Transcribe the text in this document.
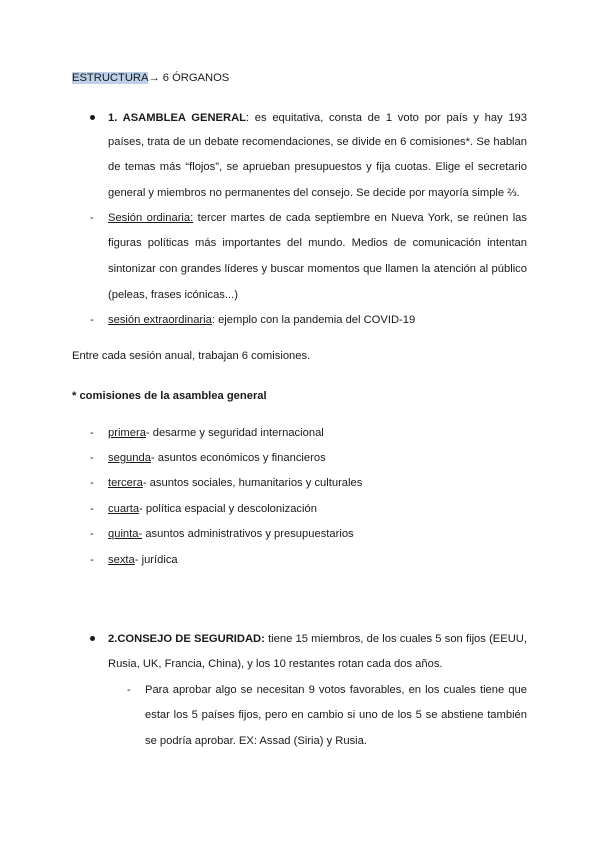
ESTRUCTURA→ 6 ÓRGANOS
1. ASAMBLEA GENERAL: es equitativa, consta de 1 voto por país y hay 193
países, trata de un debate recomendaciones, se divide en 6 comisiones*. Se hablan
de temas más “flojos”, se aprueban presupuestos y fija cuotas. Elige el secretario
general y miembros no permanentes del consejo. Se decide por mayoría simple ⅔.
- Sesión ordinaria: tercer martes de cada septiembre en Nueva York, se reúnen las
figuras políticas más importantes del mundo. Medios de comunicación intentan
sintonizar con grandes líderes y buscar momentos que llamen la atención al público
(peleas, frases icónicas...)
- sesión extraordinaria: ejemplo con la pandemia del COVID-19
Entre cada sesión anual, trabajan 6 comisiones.
* comisiones de la asamblea general
- primera- desarme y seguridad internacional
- segunda- asuntos económicos y financieros
- tercera- asuntos sociales, humanitarios y culturales
- cuarta- política espacial y descolonización
- quinta- asuntos administrativos y presupuestarios
- sexta- jurídica
2.CONSEJO DE SEGURIDAD: tiene 15 miembros, de los cuales 5 son fijos (EEUU,
Rusia, UK, Francia, China), y los 10 restantes rotan cada dos años.
- Para aprobar algo se necesitan 9 votos favorables, en los cuales tiene que
estar los 5 países fijos, pero en cambio si uno de los 5 se abstiene también
se podría aprobar. EX: Assad (Siria) y Rusia.
